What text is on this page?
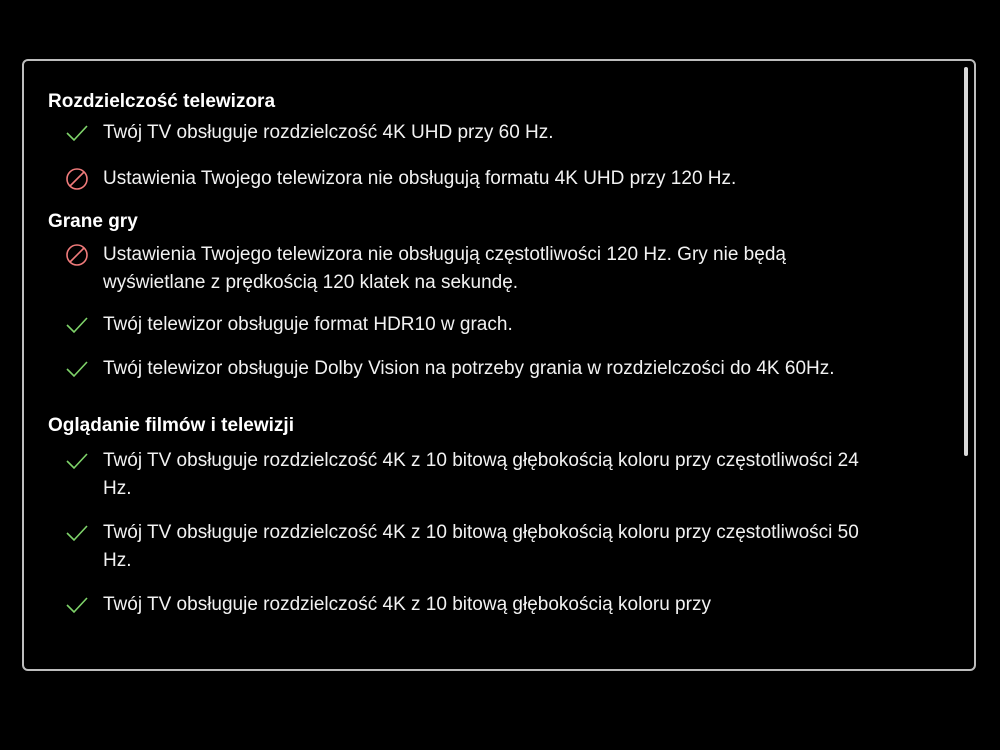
Rozdzielczość telewizora
Twój TV obsługuje rozdzielczość 4K UHD przy 60 Hz.
Ustawienia Twojego telewizora nie obsługują formatu 4K UHD przy 120 Hz.
Grane gry
Ustawienia Twojego telewizora nie obsługują częstotliwości 120 Hz. Gry nie będą wyświetlane z prędkością 120 klatek na sekundę.
Twój telewizor obsługuje format HDR10 w grach.
Twój telewizor obsługuje Dolby Vision na potrzeby grania w rozdzielczości do 4K 60Hz.
Oglądanie filmów i telewizji
Twój TV obsługuje rozdzielczość 4K z 10 bitową głębokością koloru przy częstotliwości 24 Hz.
Twój TV obsługuje rozdzielczość 4K z 10 bitową głębokością koloru przy częstotliwości 50 Hz.
Twój TV obsługuje rozdzielczość 4K z 10 bitową głębokością koloru przy
